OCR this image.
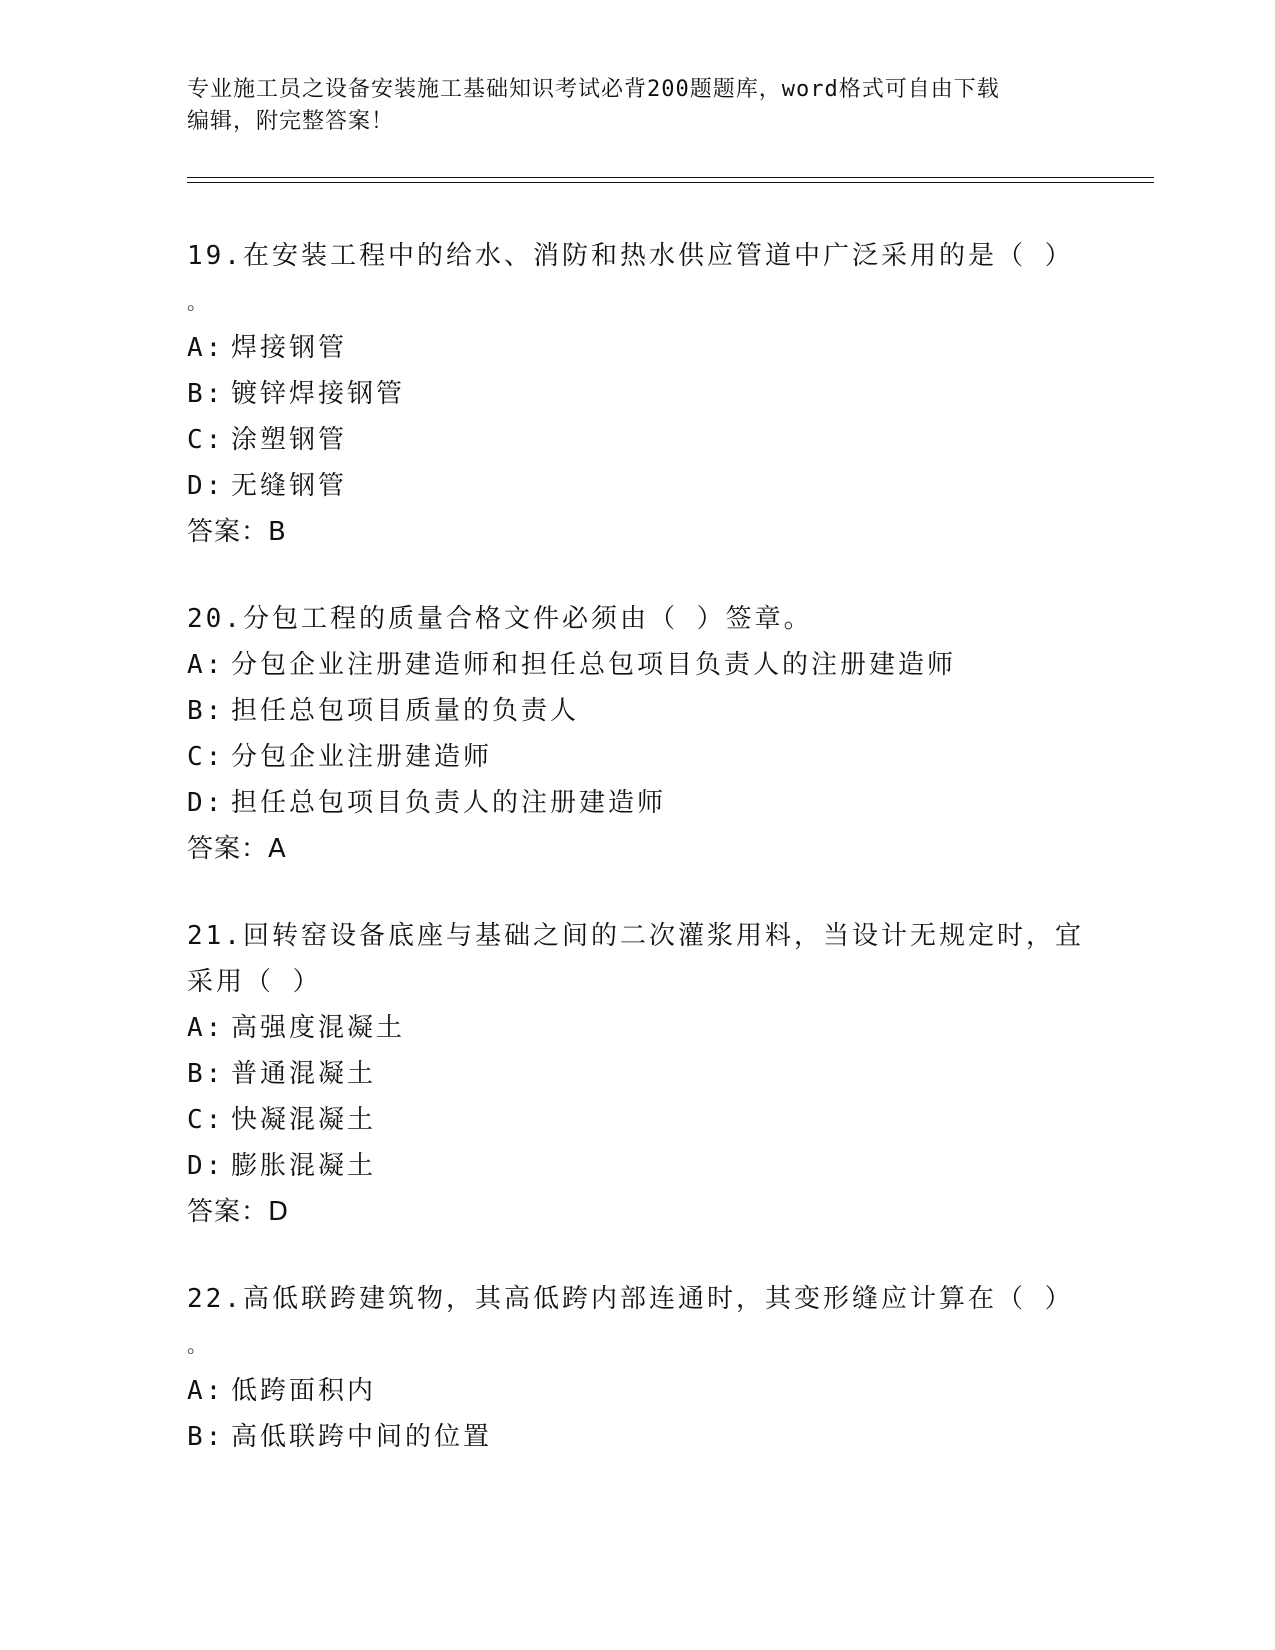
专业施工员之设备安装施工基础知识考试必背200题题库，word格式可自由下载
编辑，附完整答案！

19.在安装工程中的给水、消防和热水供应管道中广泛采用的是（ ）

。

A: 焊接钢管

B: 镀锌焊接钢管

C: 涂塑钢管

D: 无缝钢管

答案：B

20.分包工程的质量合格文件必须由（ ）签章。

A: 分包企业注册建造师和担任总包项目负责人的注册建造师

B: 担任总包项目质量的负责人

C: 分包企业注册建造师

D: 担任总包项目负责人的注册建造师

答案：A

21.回转窑设备底座与基础之间的二次灌浆用料，当设计无规定时，宜

采用（ ）

A: 高强度混凝土

B: 普通混凝土

C: 快凝混凝土

D: 膨胀混凝土

答案：D

22.高低联跨建筑物，其高低跨内部连通时，其变形缝应计算在（ ）

。

A: 低跨面积内

B: 高低联跨中间的位置
